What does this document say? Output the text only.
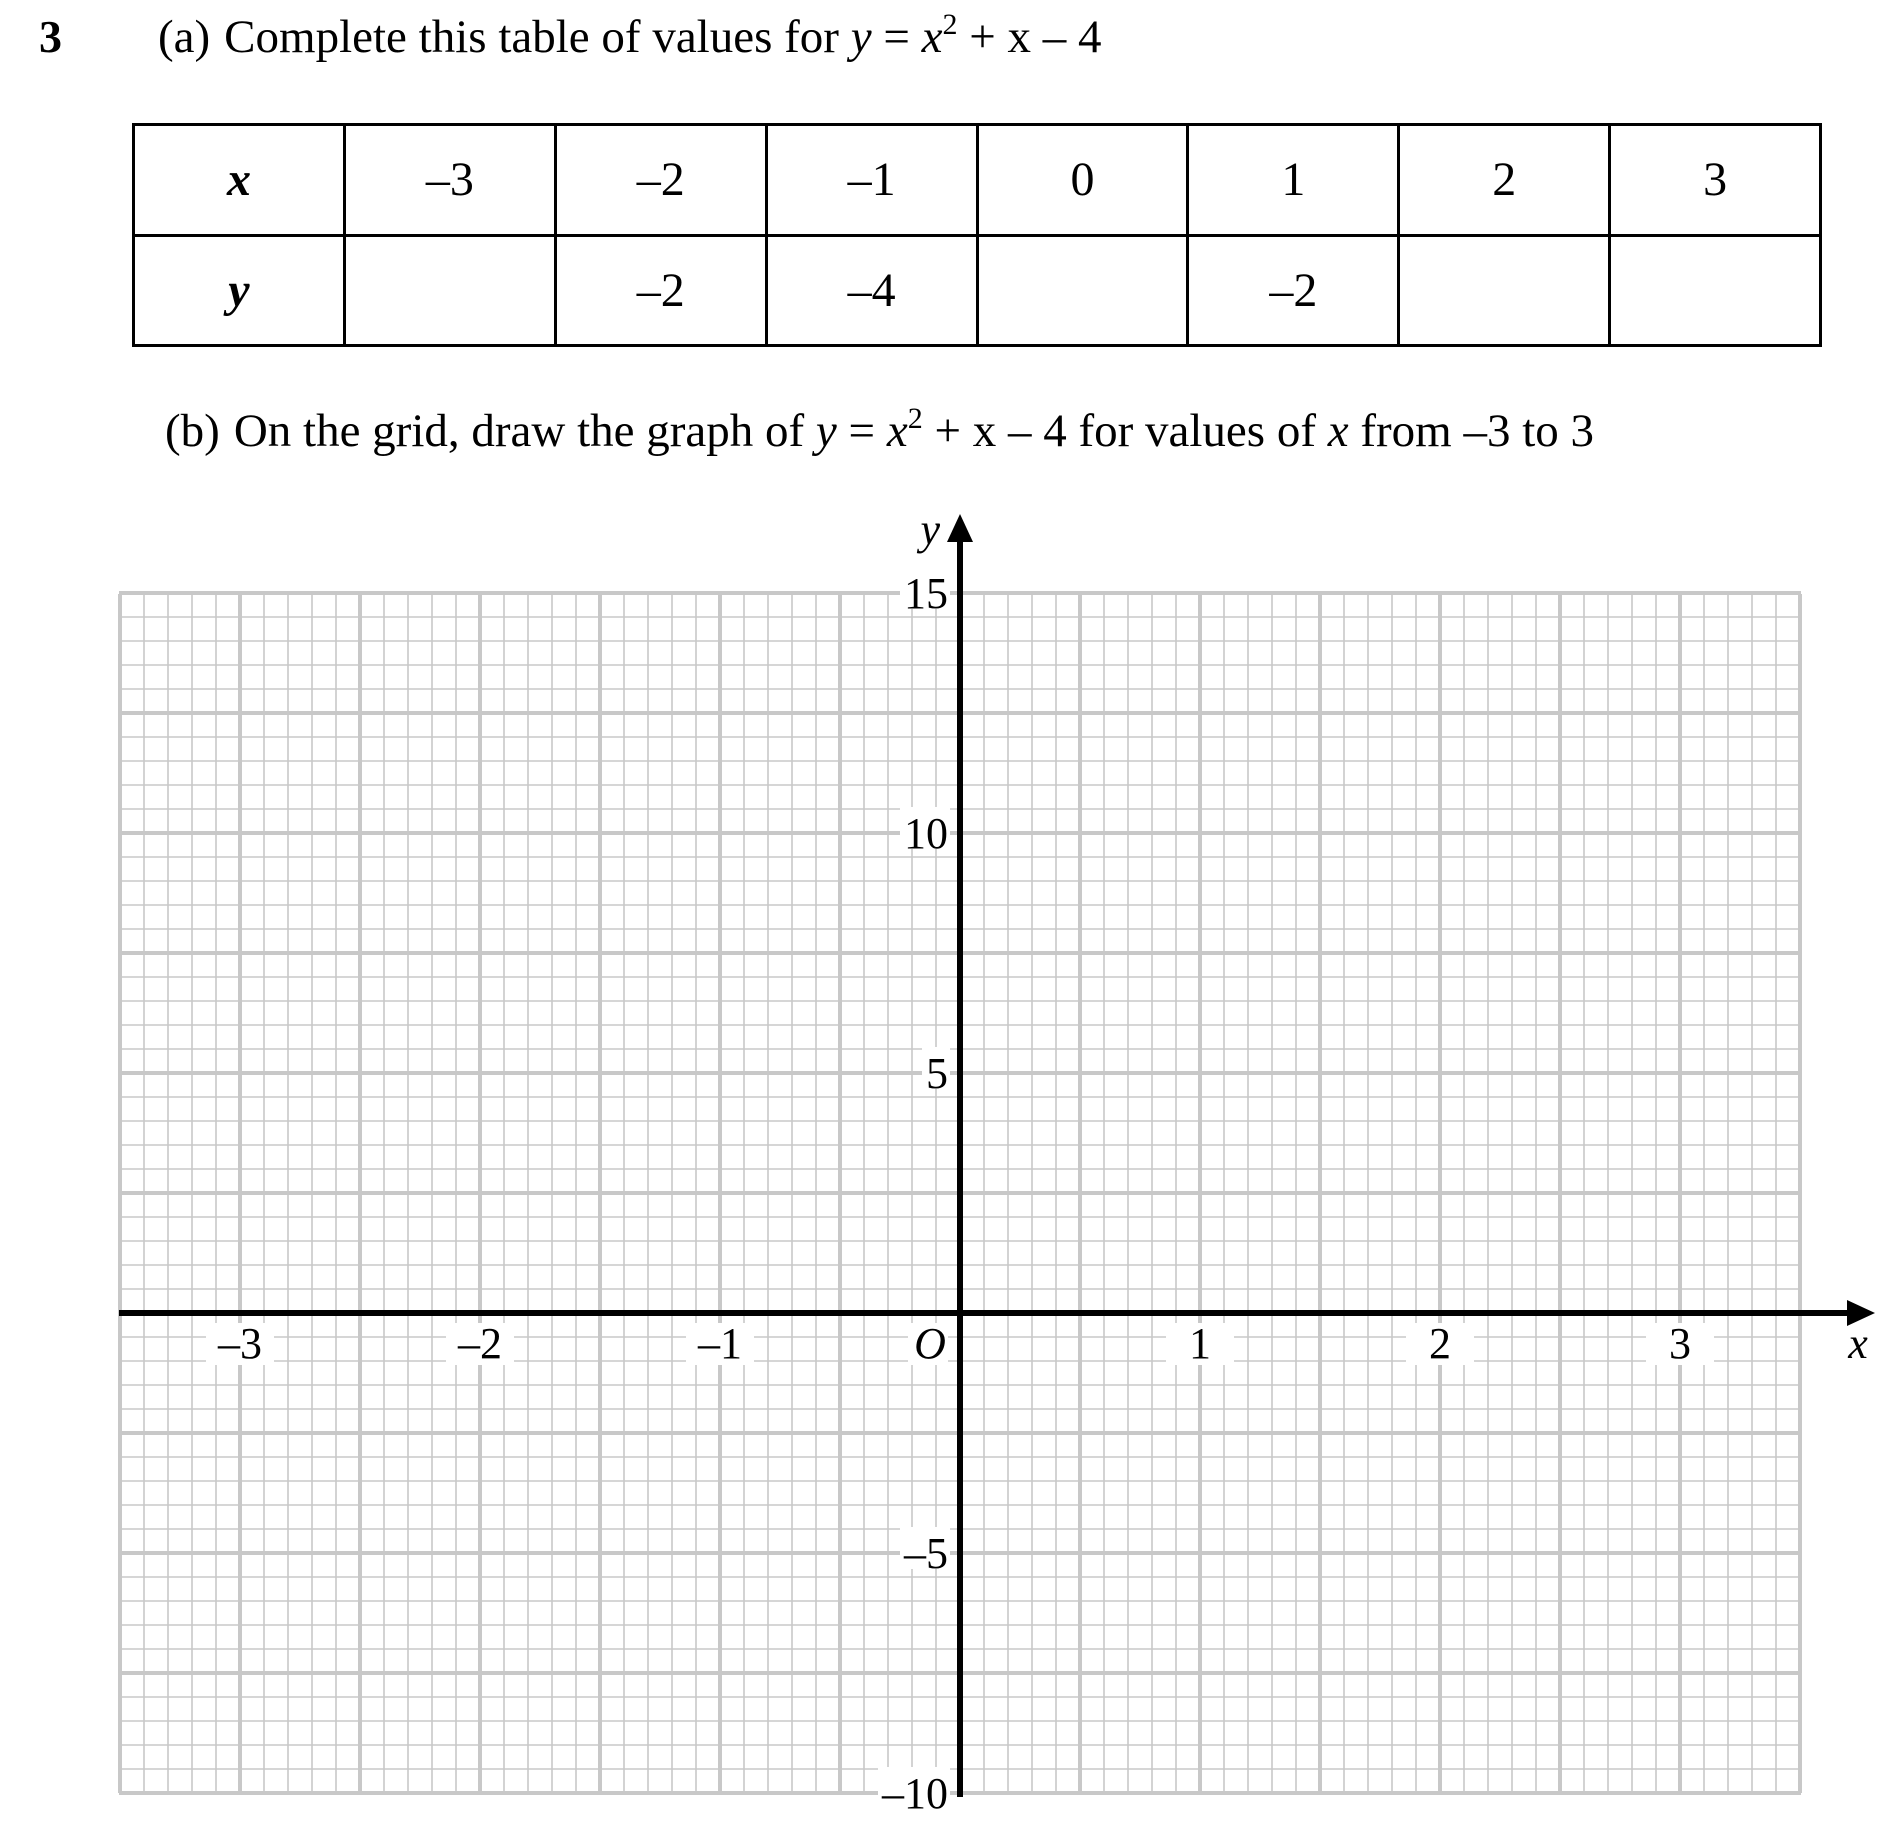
3 (a) Complete this table of values for $y = x^2 + x - 4$
x	–3	–2	–1	0	1	2	3
y		–2	–4		–2		
(b) On the grid, draw the graph of $y = x^2 + x - 4$ for values of x from –3 to 3
–3	–2	–1	1	2	3
15
10
5
–5
–10
O	x
y
